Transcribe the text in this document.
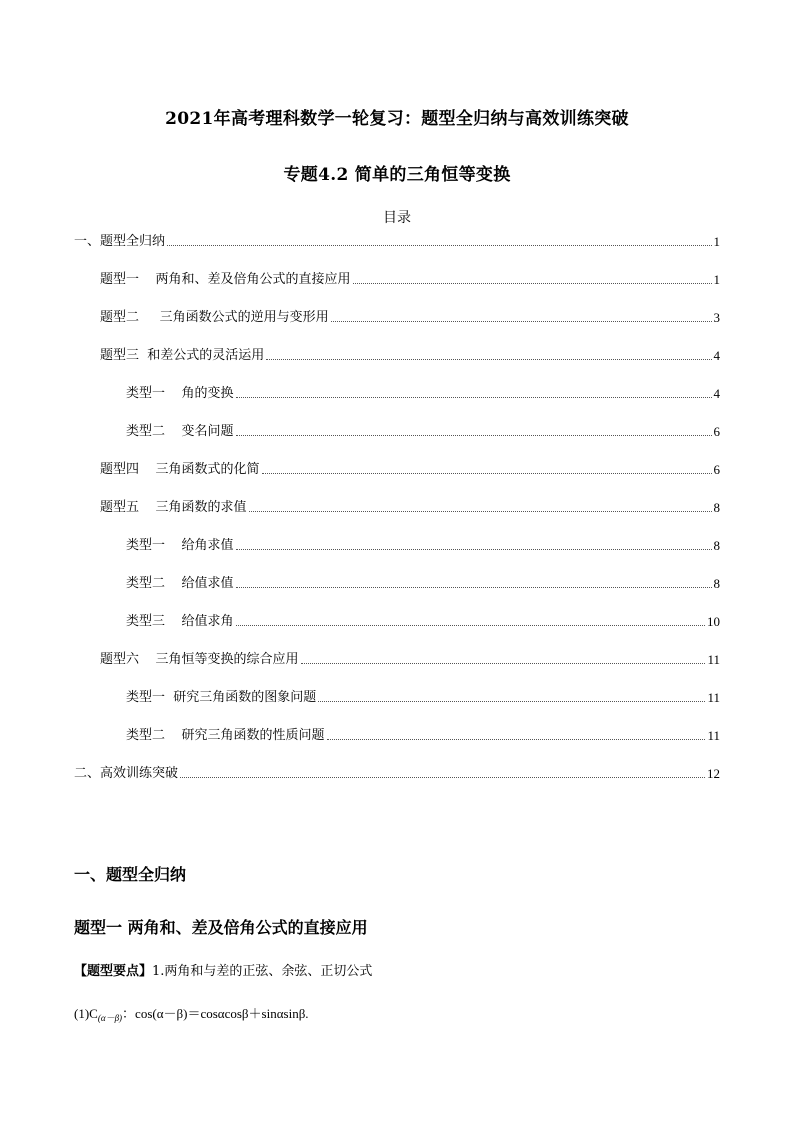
2021年高考理科数学一轮复习：题型全归纳与高效训练突破
专题4.2 简单的三角恒等变换
目录
一、题型全归纳	1
题型一    两角和、差及倍角公式的直接应用	1
题型二     三角函数公式的逆用与变形用	3
题型三  和差公式的灵活运用	4
类型一    角的变换	4
类型二    变名问题	6
题型四    三角函数式的化简	6
题型五    三角函数的求值	8
类型一    给角求值	8
类型二    给值求值	8
类型三    给值求角	10
题型六    三角恒等变换的综合应用	11
类型一  研究三角函数的图象问题	11
类型二    研究三角函数的性质问题	11
二、高效训练突破	12
一、题型全归纳
题型一 两角和、差及倍角公式的直接应用
【题型要点】1.两角和与差的正弦、余弦、正切公式
$(1)C_{(\alpha-\beta)}$：cos(α－β)＝cosαcosβ＋sinαsinβ.
